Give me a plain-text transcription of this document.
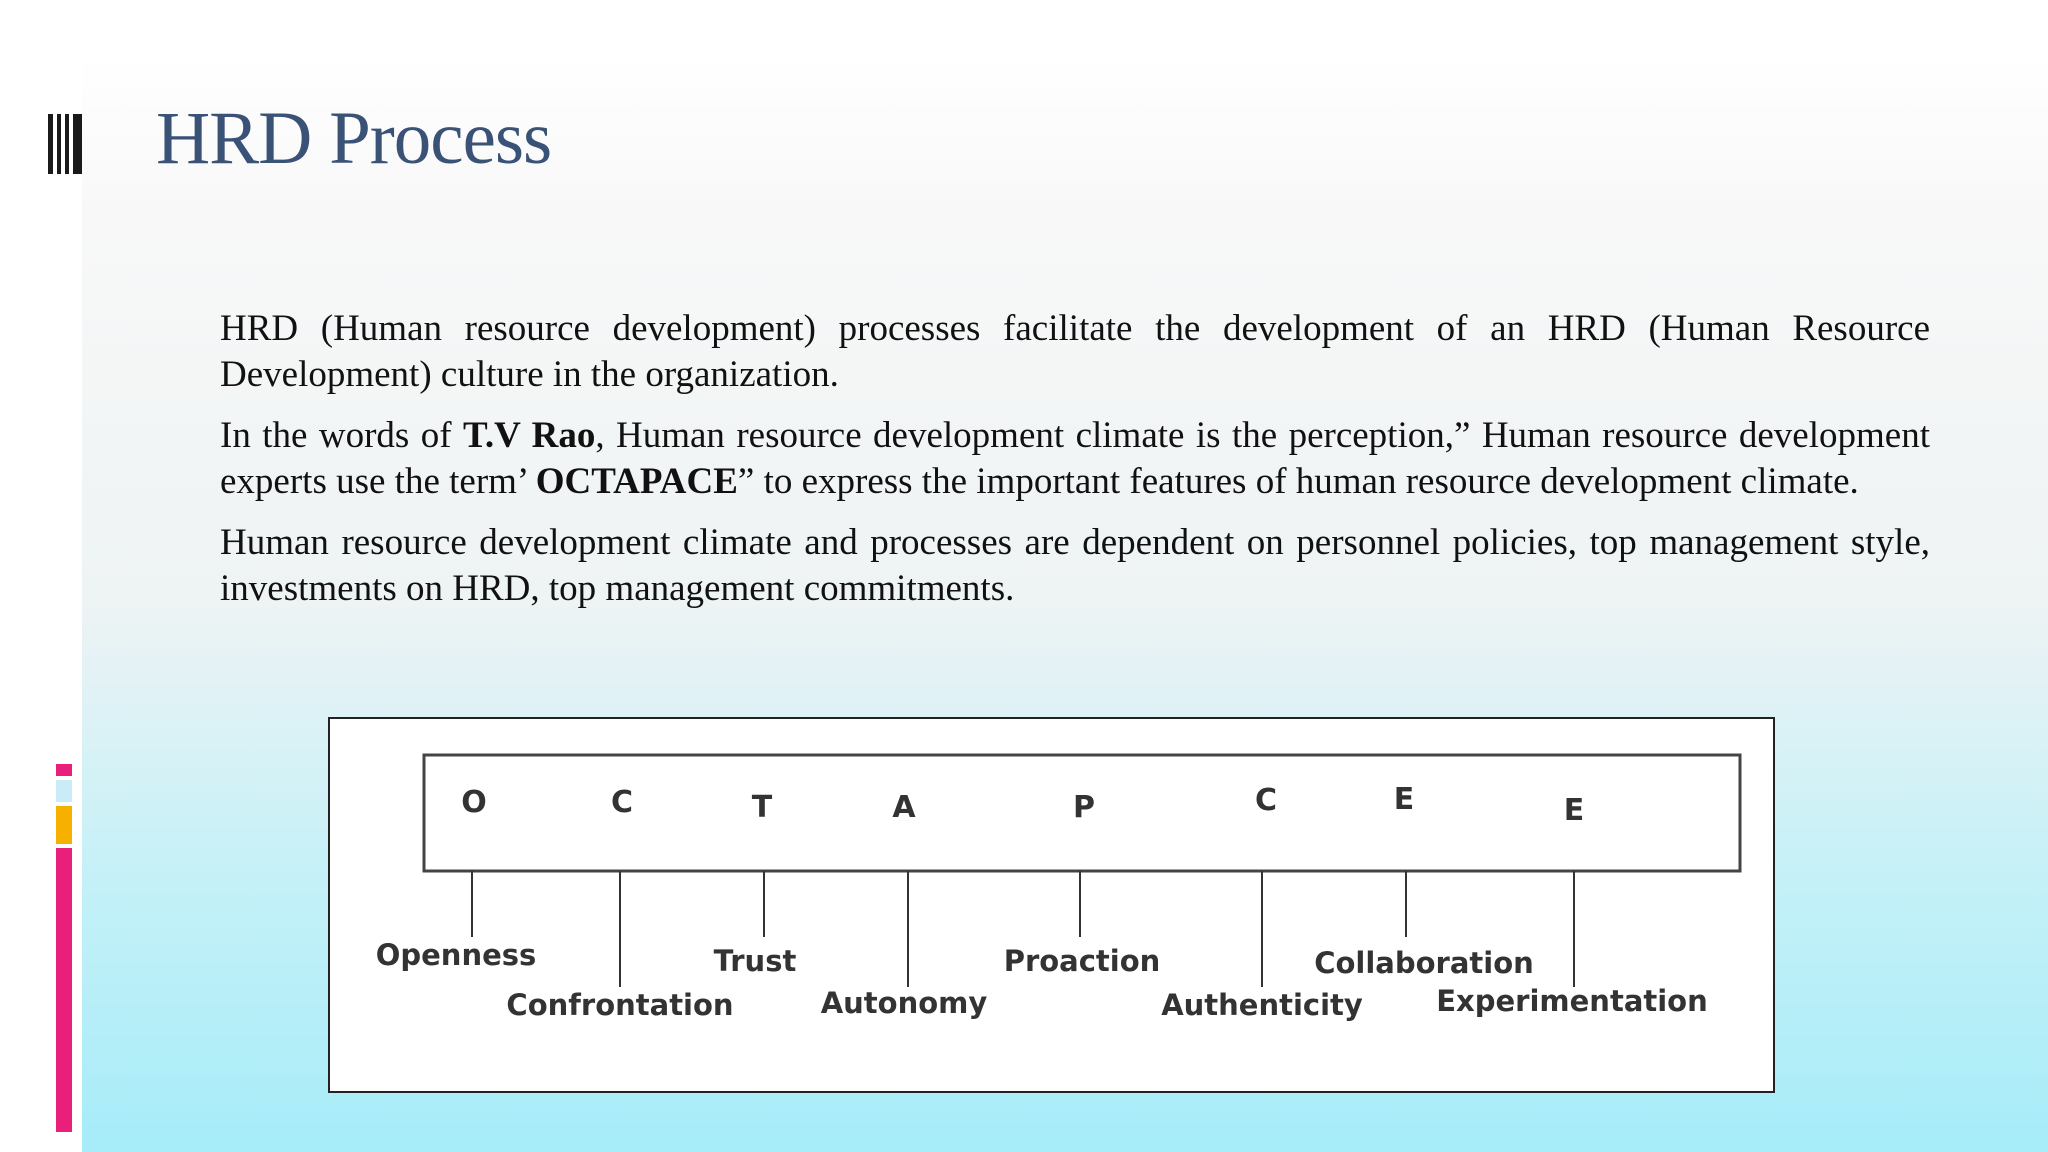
HRD Process

HRD (Human resource development) processes facilitate the development of an HRD (Human Resource Development) culture in the organization.

In the words of T.V Rao, Human resource development climate is the perception,” Human resource development experts use the term’ OCTAPACE” to express the important features of human resource development climate.

Human resource development climate and processes are dependent on personnel policies, top management style, investments on HRD, top management commitments.

O
Openness
C
Confrontation
T
Trust
A
Autonomy
P
Proaction
C
Authenticity
E
Collaboration
E
Experimentation
